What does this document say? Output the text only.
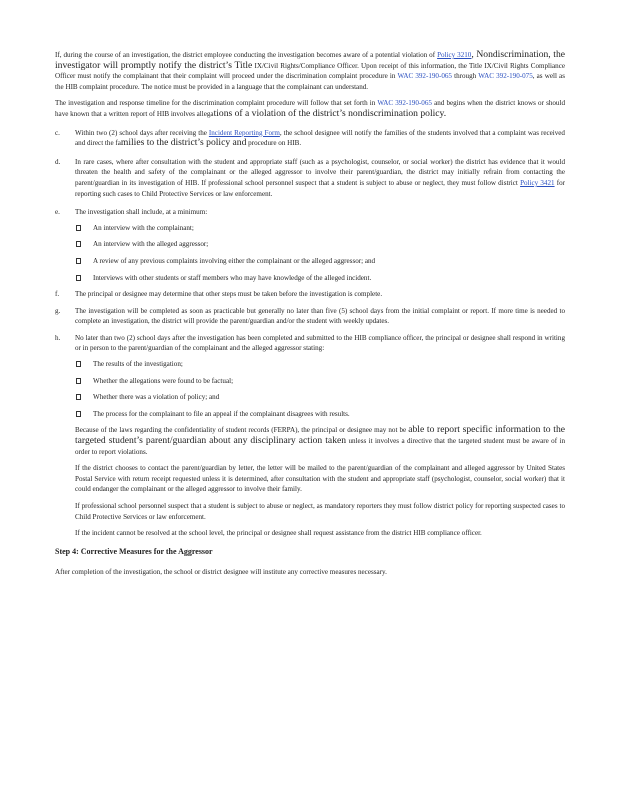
If, during the course of an investigation, the district employee conducting the investigation becomes aware of a potential violation of Policy 3210, Nondiscrimination, the investigator will promptly notify the district’s Title IX/Civil Rights/Compliance Officer. Upon receipt of this information, the Title IX/Civil Rights Compliance Officer must notify the complainant that their complaint will proceed under the discrimination complaint procedure in WAC 392-190-065 through WAC 392-190-075, as well as the HIB complaint procedure. The notice must be provided in a language that the complainant can understand.

The investigation and response timeline for the discrimination complaint procedure will follow that set forth in WAC 392-190-065 and begins when the district knows or should have known that a written report of HIB involves allegations of a violation of the district’s nondiscrimination policy.

c. Within two (2) school days after receiving the Incident Reporting Form, the school designee will notify the families of the students involved that a complaint was received and direct the families to the district’s policy and procedure on HIB.

d. In rare cases, where after consultation with the student and appropriate staff (such as a psychologist, counselor, or social worker) the district has evidence that it would threaten the health and safety of the complainant or the alleged aggressor to involve their parent/guardian, the district may initially refrain from contacting the parent/guardian in its investigation of HIB. If professional school personnel suspect that a student is subject to abuse or neglect, they must follow district Policy 3421 for reporting such cases to Child Protective Services or law enforcement.

e. The investigation shall include, at a minimum:

An interview with the complainant;

An interview with the alleged aggressor;

A review of any previous complaints involving either the complainant or the alleged aggressor; and

Interviews with other students or staff members who may have knowledge of the alleged incident.

f. The principal or designee may determine that other steps must be taken before the investigation is complete.

g. The investigation will be completed as soon as practicable but generally no later than five (5) school days from the initial complaint or report. If more time is needed to complete an investigation, the district will provide the parent/guardian and/or the student with weekly updates.

h. No later than two (2) school days after the investigation has been completed and submitted to the HIB compliance officer, the principal or designee shall respond in writing or in person to the parent/guardian of the complainant and the alleged aggressor stating:

The results of the investigation;

Whether the allegations were found to be factual;

Whether there was a violation of policy; and

The process for the complainant to file an appeal if the complainant disagrees with results.

Because of the laws regarding the confidentiality of student records (FERPA), the principal or designee may not be able to report specific information to the targeted student’s parent/guardian about any disciplinary action taken unless it involves a directive that the targeted student must be aware of in order to report violations.

If the district chooses to contact the parent/guardian by letter, the letter will be mailed to the parent/guardian of the complainant and alleged aggressor by United States Postal Service with return receipt requested unless it is determined, after consultation with the student and appropriate staff (psychologist, counselor, social worker) that it could endanger the complainant or the alleged aggressor to involve their family.

If professional school personnel suspect that a student is subject to abuse or neglect, as mandatory reporters they must follow district policy for reporting suspected cases to Child Protective Services or law enforcement.

If the incident cannot be resolved at the school level, the principal or designee shall request assistance from the district HIB compliance officer.

Step 4: Corrective Measures for the Aggressor

After completion of the investigation, the school or district designee will institute any corrective measures necessary.
